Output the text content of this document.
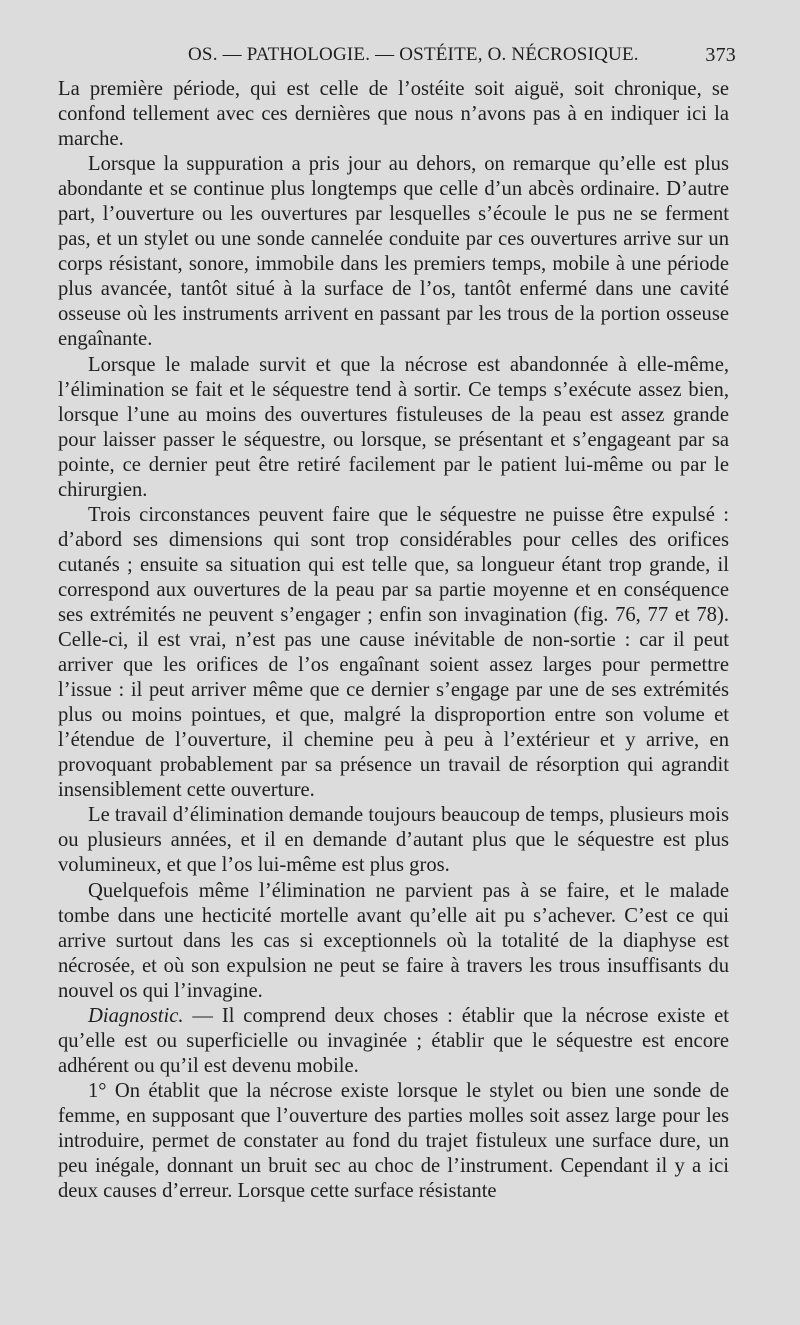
OS. — PATHOLOGIE. — OSTÉITE, O. NÉCROSIQUE.	373

La première période, qui est celle de l’ostéite soit aiguë, soit chronique, se confond tellement avec ces dernières que nous n’avons pas à en indiquer ici la marche.

Lorsque la suppuration a pris jour au dehors, on remarque qu’elle est plus abondante et se continue plus longtemps que celle d’un abcès ordinaire. D’autre part, l’ouverture ou les ouvertures par lesquelles s’écoule le pus ne se ferment pas, et un stylet ou une sonde cannelée conduite par ces ouvertures arrive sur un corps résistant, sonore, immobile dans les premiers temps, mobile à une période plus avancée, tantôt situé à la surface de l’os, tantôt enfermé dans une cavité osseuse où les instruments arrivent en passant par les trous de la portion osseuse engaînante.

Lorsque le malade survit et que la nécrose est abandonnée à elle-même, l’élimination se fait et le séquestre tend à sortir. Ce temps s’exécute assez bien, lorsque l’une au moins des ouvertures fistuleuses de la peau est assez grande pour laisser passer le séquestre, ou lorsque, se présentant et s’engageant par sa pointe, ce dernier peut être retiré facilement par le patient lui-même ou par le chirurgien.

Trois circonstances peuvent faire que le séquestre ne puisse être expulsé : d’abord ses dimensions qui sont trop considérables pour celles des orifices cutanés ; ensuite sa situation qui est telle que, sa longueur étant trop grande, il correspond aux ouvertures de la peau par sa partie moyenne et en conséquence ses extrémités ne peuvent s’engager ; enfin son invagination (fig. 76, 77 et 78). Celle-ci, il est vrai, n’est pas une cause inévitable de non-sortie : car il peut arriver que les orifices de l’os engaînant soient assez larges pour permettre l’issue : il peut arriver même que ce dernier s’engage par une de ses extrémités plus ou moins pointues, et que, malgré la disproportion entre son volume et l’étendue de l’ouverture, il chemine peu à peu à l’extérieur et y arrive, en provoquant probablement par sa présence un travail de résorption qui agrandit insensiblement cette ouverture.

Le travail d’élimination demande toujours beaucoup de temps, plusieurs mois ou plusieurs années, et il en demande d’autant plus que le séquestre est plus volumineux, et que l’os lui-même est plus gros.

Quelquefois même l’élimination ne parvient pas à se faire, et le malade tombe dans une hecticité mortelle avant qu’elle ait pu s’achever. C’est ce qui arrive surtout dans les cas si exceptionnels où la totalité de la diaphyse est nécrosée, et où son expulsion ne peut se faire à travers les trous insuffisants du nouvel os qui l’invagine.

Diagnostic. — Il comprend deux choses : établir que la nécrose existe et qu’elle est ou superficielle ou invaginée ; établir que le séquestre est encore adhérent ou qu’il est devenu mobile.

1° On établit que la nécrose existe lorsque le stylet ou bien une sonde de femme, en supposant que l’ouverture des parties molles soit assez large pour les introduire, permet de constater au fond du trajet fistuleux une surface dure, un peu inégale, donnant un bruit sec au choc de l’instrument. Cependant il y a ici deux causes d’erreur. Lorsque cette surface résistante
